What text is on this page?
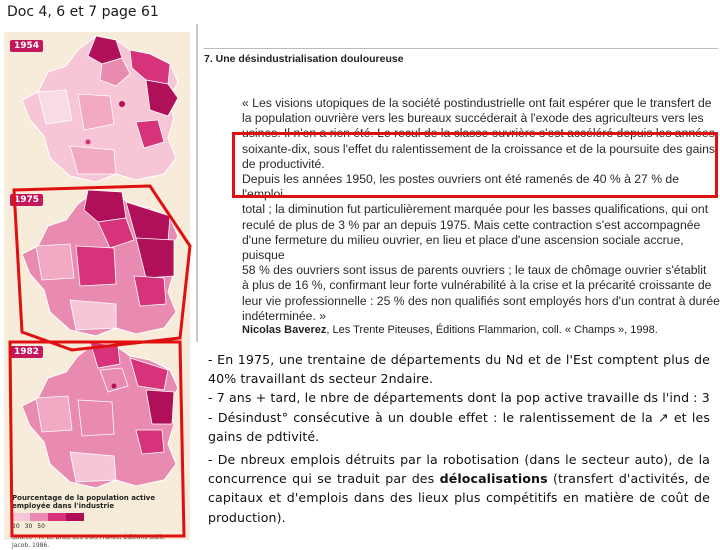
Doc 4, 6 et 7 page 61
1954
1975
1982
Pourcentage de la population active employée dans l'industrie
20 30 50
Source : H. Le Bras, Les trois France, Éditions Odile Jacob, 1986.
7. Une désindustrialisation douloureuse

« Les visions utopiques de la société postindustrielle ont fait espérer que le transfert de

la population ouvrière vers les bureaux succéderait à l'exode des agriculteurs vers les

usines. Il n'en a rien été. Le recul de la classe ouvrière s'est accéléré depuis les années

soixante-dix, sous l'effet du ralentissement de la croissance et de la poursuite des gains

de productivité.

Depuis les années 1950, les postes ouvriers ont été ramenés de 40 % à 27 % de l'emploi

total ; la diminution fut particulièrement marquée pour les basses qualifications, qui ont

reculé de plus de 3 % par an depuis 1975. Mais cette contraction s'est accompagnée

d'une fermeture du milieu ouvrier, en lieu et place d'une ascension sociale accrue, puisque

58 % des ouvriers sont issus de parents ouvriers ; le taux de chômage ouvrier s'établit

à plus de 16 %, confirmant leur forte vulnérabilité à la crise et la précarité croissante de

leur vie professionnelle : 25 % des non qualifiés sont employés hors d'un contrat à durée

indéterminée. »

Nicolas Baverez, Les Trente Piteuses, Éditions Flammarion, coll. « Champs », 1998.

- En 1975, une trentaine de départements du Nd et de l'Est comptent plus de 40% travaillant ds secteur 2ndaire.

- 7 ans + tard, le nbre de départements dont la pop active travaille ds l'ind : 3

- Désindust° consécutive à un double effet : le ralentissement de la ↗ et les gains de pdtivité.

- De nbreux emplois détruits par la robotisation (dans le secteur auto), de la concurrence qui se traduit par des délocalisations (transfert d'activités, de capitaux et d'emplois dans des lieux plus compétitifs en matière de coût de production).
